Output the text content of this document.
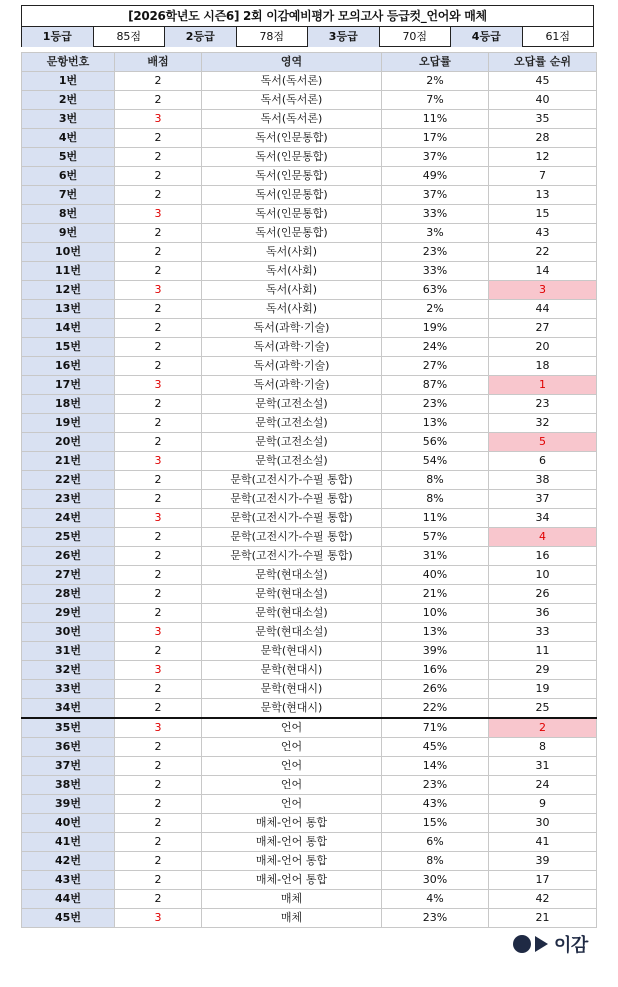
[2026학년도 시즌6] 2회 이감예비평가 모의고사 등급컷_언어와 매체
1등급	85점	2등급	78점	3등급	70점	4등급	61점
문항번호	배점	영역	오답률	오답률 순위
1번	2	독서(독서론)	2%	45
2번	2	독서(독서론)	7%	40
3번	3	독서(독서론)	11%	35
4번	2	독서(인문통합)	17%	28
5번	2	독서(인문통합)	37%	12
6번	2	독서(인문통합)	49%	7
7번	2	독서(인문통합)	37%	13
8번	3	독서(인문통합)	33%	15
9번	2	독서(인문통합)	3%	43
10번	2	독서(사회)	23%	22
11번	2	독서(사회)	33%	14
12번	3	독서(사회)	63%	3
13번	2	독서(사회)	2%	44
14번	2	독서(과학·기술)	19%	27
15번	2	독서(과학·기술)	24%	20
16번	2	독서(과학·기술)	27%	18
17번	3	독서(과학·기술)	87%	1
18번	2	문학(고전소설)	23%	23
19번	2	문학(고전소설)	13%	32
20번	2	문학(고전소설)	56%	5
21번	3	문학(고전소설)	54%	6
22번	2	문학(고전시가-수필 통합)	8%	38
23번	2	문학(고전시가-수필 통합)	8%	37
24번	3	문학(고전시가-수필 통합)	11%	34
25번	2	문학(고전시가-수필 통합)	57%	4
26번	2	문학(고전시가-수필 통합)	31%	16
27번	2	문학(현대소설)	40%	10
28번	2	문학(현대소설)	21%	26
29번	2	문학(현대소설)	10%	36
30번	3	문학(현대소설)	13%	33
31번	2	문학(현대시)	39%	11
32번	3	문학(현대시)	16%	29
33번	2	문학(현대시)	26%	19
34번	2	문학(현대시)	22%	25
35번	3	언어	71%	2
36번	2	언어	45%	8
37번	2	언어	14%	31
38번	2	언어	23%	24
39번	2	언어	43%	9
40번	2	매체-언어 통합	15%	30
41번	2	매체-언어 통합	6%	41
42번	2	매체-언어 통합	8%	39
43번	2	매체-언어 통합	30%	17
44번	2	매체	4%	42
45번	3	매체	23%	21
이감
